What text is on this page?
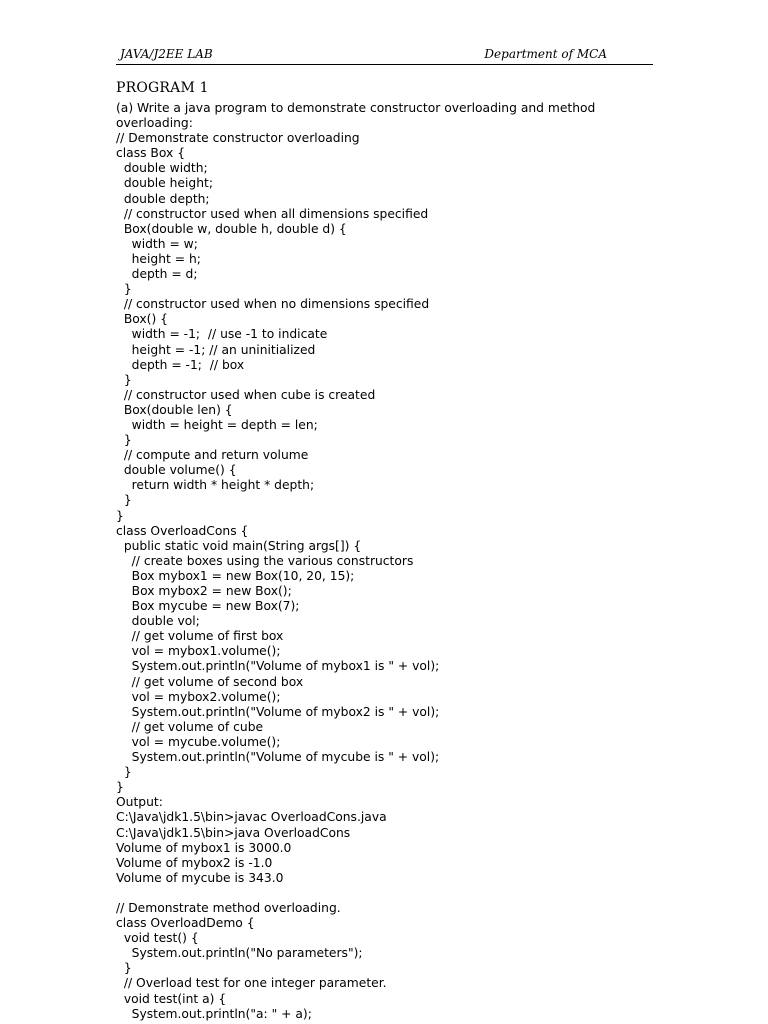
JAVA/J2EE LAB	Department of MCA
PROGRAM 1
(a) Write a java program to demonstrate constructor overloading and method
overloading:
// Demonstrate constructor overloading
class Box {
double width;
double height;
double depth;
// constructor used when all dimensions specified
Box(double w, double h, double d) {
width = w;
height = h;
depth = d;
}
// constructor used when no dimensions specified
Box() {
width = -1;  // use -1 to indicate
height = -1; // an uninitialized
depth = -1;  // box
}
// constructor used when cube is created
Box(double len) {
width = height = depth = len;
}
// compute and return volume
double volume() {
return width * height * depth;
}
}
class OverloadCons {
public static void main(String args[]) {
// create boxes using the various constructors
Box mybox1 = new Box(10, 20, 15);
Box mybox2 = new Box();
Box mycube = new Box(7);
double vol;
// get volume of first box
vol = mybox1.volume();
System.out.println("Volume of mybox1 is " + vol);
// get volume of second box
vol = mybox2.volume();
System.out.println("Volume of mybox2 is " + vol);
// get volume of cube
vol = mycube.volume();
System.out.println("Volume of mycube is " + vol);
}
}
Output:
C:\Java\jdk1.5\bin>javac OverloadCons.java
C:\Java\jdk1.5\bin>java OverloadCons
Volume of mybox1 is 3000.0
Volume of mybox2 is -1.0
Volume of mycube is 343.0
// Demonstrate method overloading.
class OverloadDemo {
void test() {
System.out.println("No parameters");
}
// Overload test for one integer parameter.
void test(int a) {
System.out.println("a: " + a);
